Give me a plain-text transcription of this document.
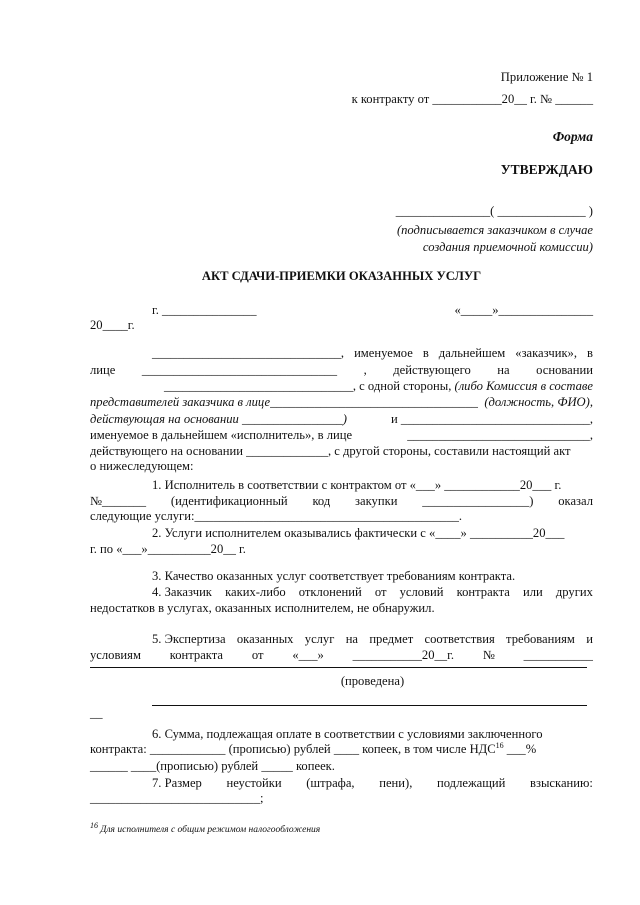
Приложение № 1
к контракту от ___________20__ г. № ______
Форма
УТВЕРЖДАЮ
_______________( ______________ )
(подписывается заказчиком в случае
создания приемочной комиссии)
АКТ СДАЧИ-ПРИЕМКИ ОКАЗАННЫХ УСЛУГ
г. _______________	«_____»_______________
20____г.
______________________________, именуемое в дальнейшем «заказчик», в
лице _______________________________ , действующего на основании
______________________________, с одной стороны, (либо Комиссия в составе
представителей заказчика в лице_________________________________ (должность, ФИО),
действующая на основании ________________)	и ______________________________,
именуемое в дальнейшем «исполнитель», в лице	_____________________________,
действующего на основании _____________, с другой стороны, составили настоящий акт
о нижеследующем:
1. Исполнитель в соответствии с контрактом от «___» ____________20___ г.
№_______ (идентификационный код закупки _________________) оказал
следующие услуги:__________________________________________.
2. Услуги исполнителем оказывались фактически с «____» __________20___
г. по «___»__________20__ г.
3. Качество оказанных услуг соответствует требованиям контракта.
4. Заказчик каких-либо отклонений от условий контракта или других
недостатков в услугах, оказанных исполнителем, не обнаружил.
5. Экспертиза оказанных услуг на предмет соответствия требованиям и
условиям контракта от «___» ___________20__г. № ___________
(проведена)
__
6. Сумма, подлежащая оплате в соответствии с условиями заключенного
контракта: ____________ (прописью) рублей ____ копеек, в том числе НДС$^{16}$ ___%
______ ____(прописью) рублей _____ копеек.
7. Размер неустойки (штрафа, пени), подлежащий взысканию:
___________________________;
$^{16}$ Для исполнителя с общим режимом налогообложения
